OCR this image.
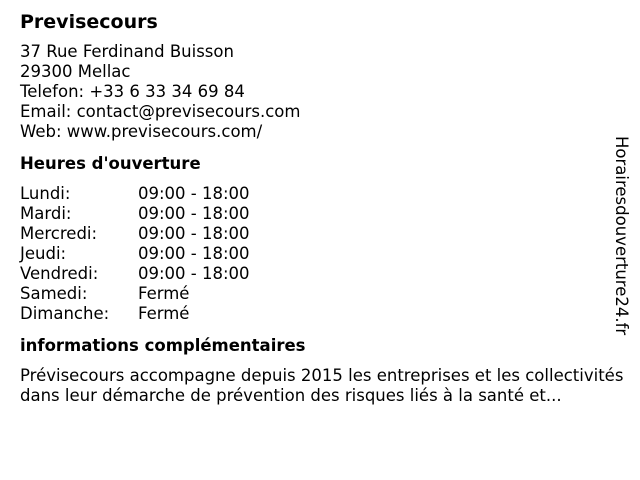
Previsecours
37 Rue Ferdinand Buisson
29300 Mellac
Telefon: +33 6 33 34 69 84
Email: contact@previsecours.com
Web: www.previsecours.com/
Heures d'ouverture
Lundi:	09:00 - 18:00
Mardi:	09:00 - 18:00
Mercredi:	09:00 - 18:00
Jeudi:	09:00 - 18:00
Vendredi:	09:00 - 18:00
Samedi:	Fermé
Dimanche:	Fermé
informations complémentaires
Prévisecours accompagne depuis 2015 les entreprises et les collectivités dans leur démarche de prévention des risques liés à la santé et...
Horairesdouverture24.fr
